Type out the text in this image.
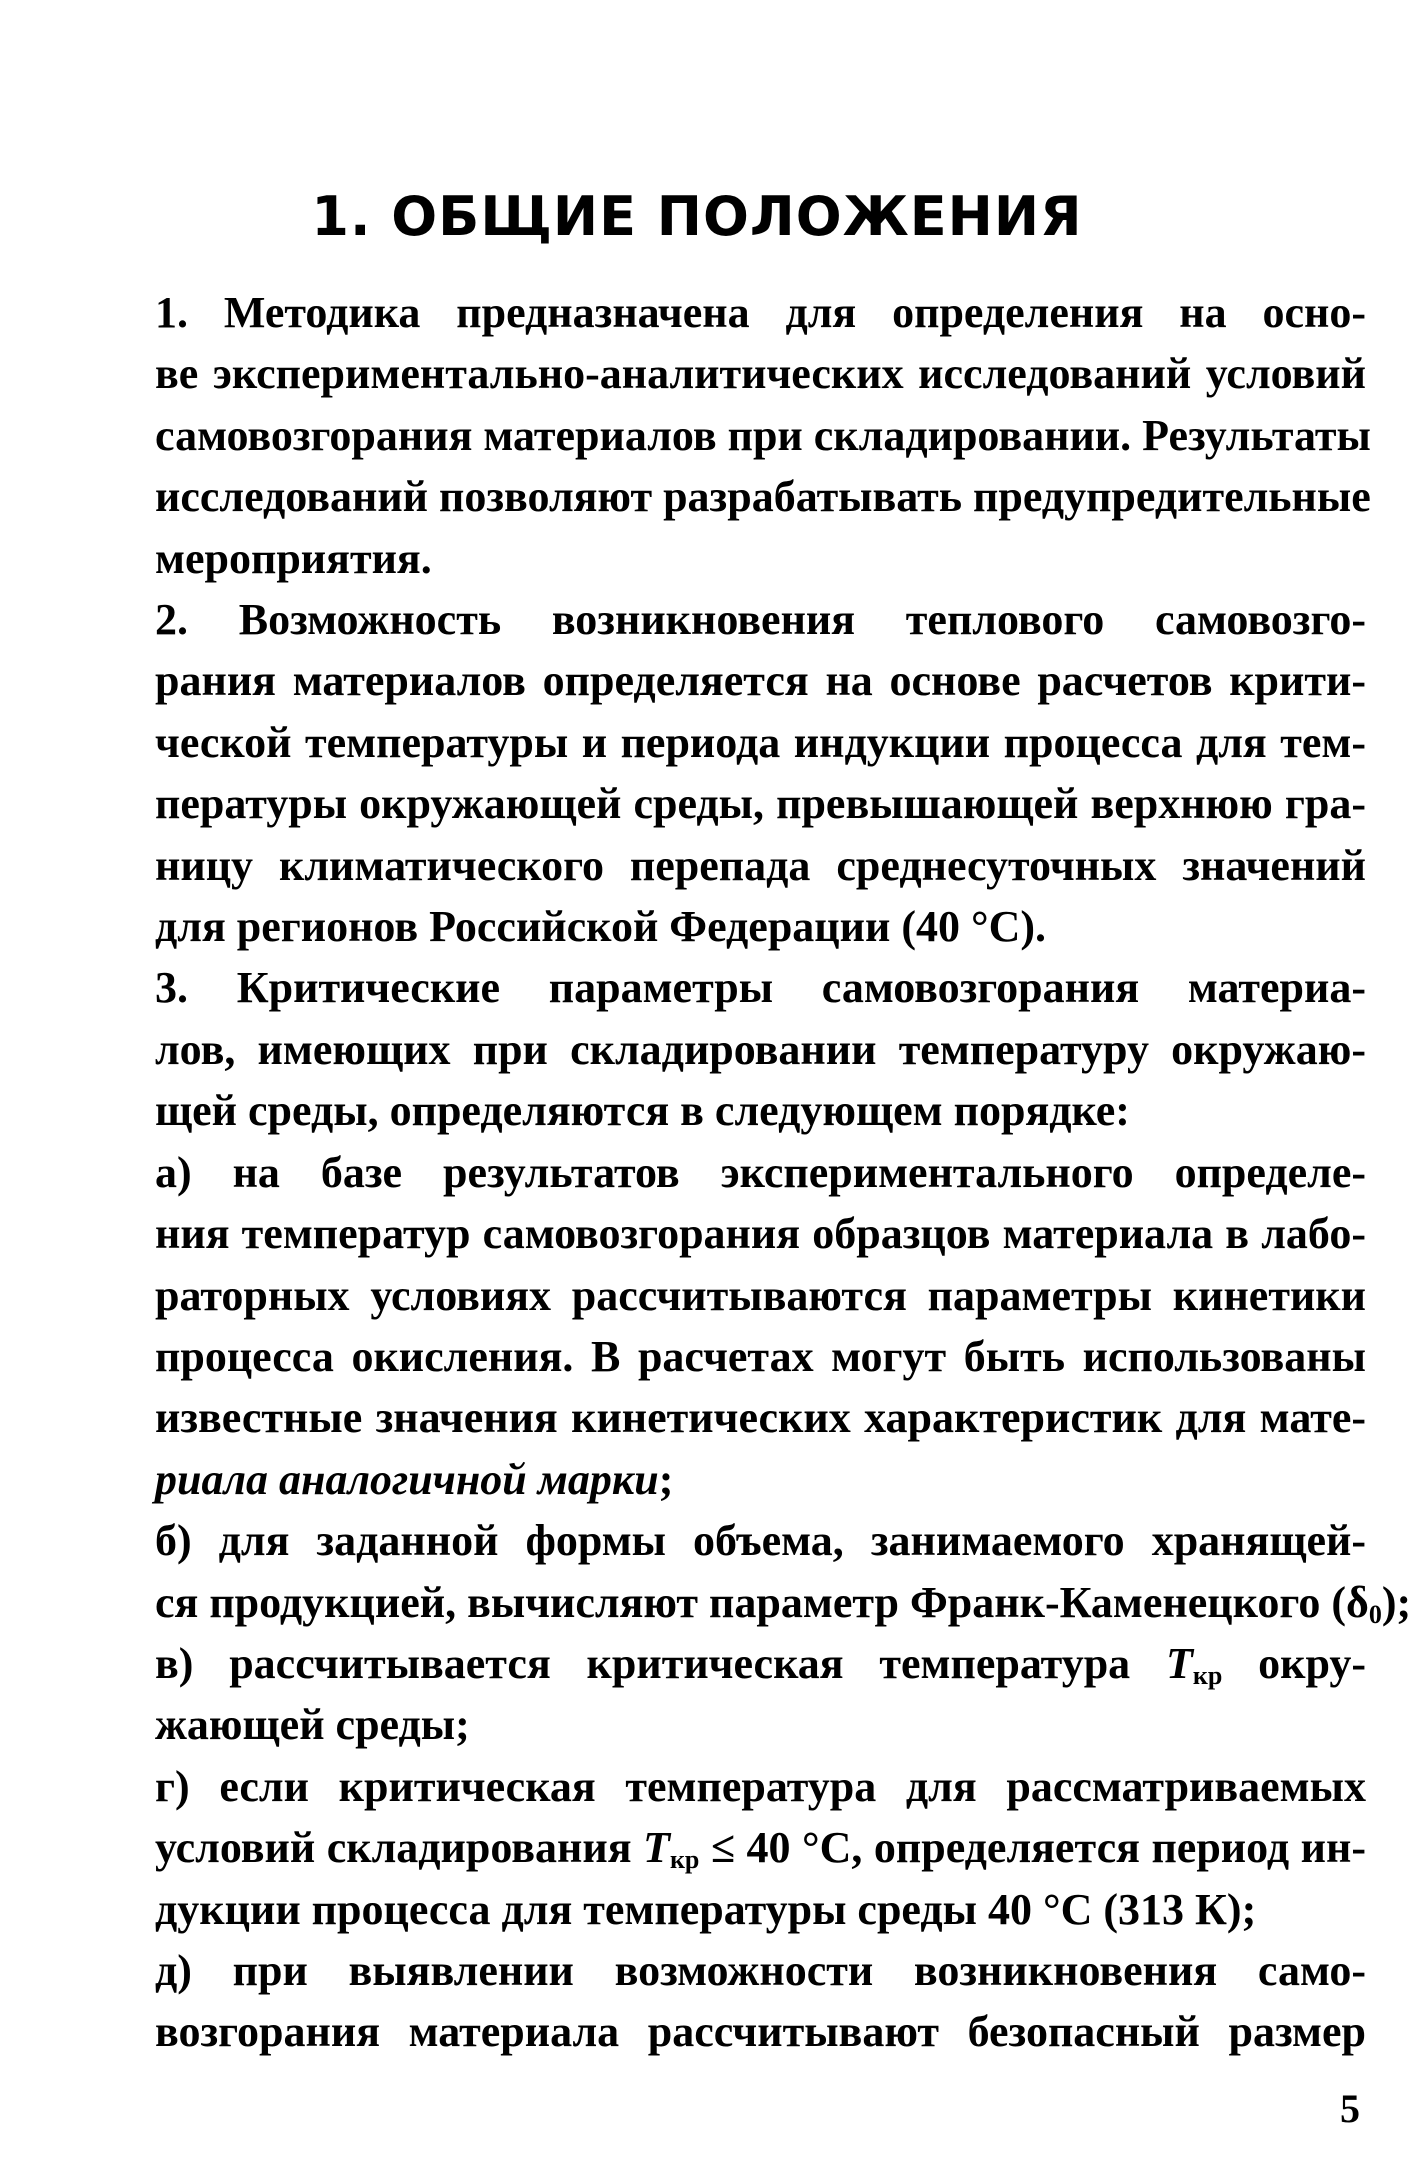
1. ОБЩИЕ ПОЛОЖЕНИЯ

1. Методика предназначена для определения на осно-
ве экспериментально-аналитических исследований условий
самовозгорания материалов при складировании. Результаты
исследований позволяют разрабатывать предупредительные
мероприятия.

2. Возможность возникновения теплового самовозго-
рания материалов определяется на основе расчетов крити-
ческой температуры и периода индукции процесса для тем-
пературы окружающей среды, превышающей верхнюю гра-
ницу климатического перепада среднесуточных значений
для регионов Российской Федерации (40 °С).

3. Критические параметры самовозгорания материа-
лов, имеющих при складировании температуру окружаю-
щей среды, определяются в следующем порядке:

а) на базе результатов экспериментального определе-
ния температур самовозгорания образцов материала в лабо-
раторных условиях рассчитываются параметры кинетики
процесса окисления. В расчетах могут быть использованы
известные значения кинетических характеристик для мате-
риала аналогичной марки;

б) для заданной формы объема, занимаемого хранящей-
ся продукцией, вычисляют параметр Франк-Каменецкого $(\delta_0)$;

в) рассчитывается критическая температура $Т_{кр}$ окру-
жающей среды;

г) если критическая температура для рассматриваемых
условий складирования $Т_{кр} \le 40$ °С, определяется период ин-
дукции процесса для температуры среды 40 °С (313 К);

д) при выявлении возможности возникновения само-
возгорания материала рассчитывают безопасный размер

5
